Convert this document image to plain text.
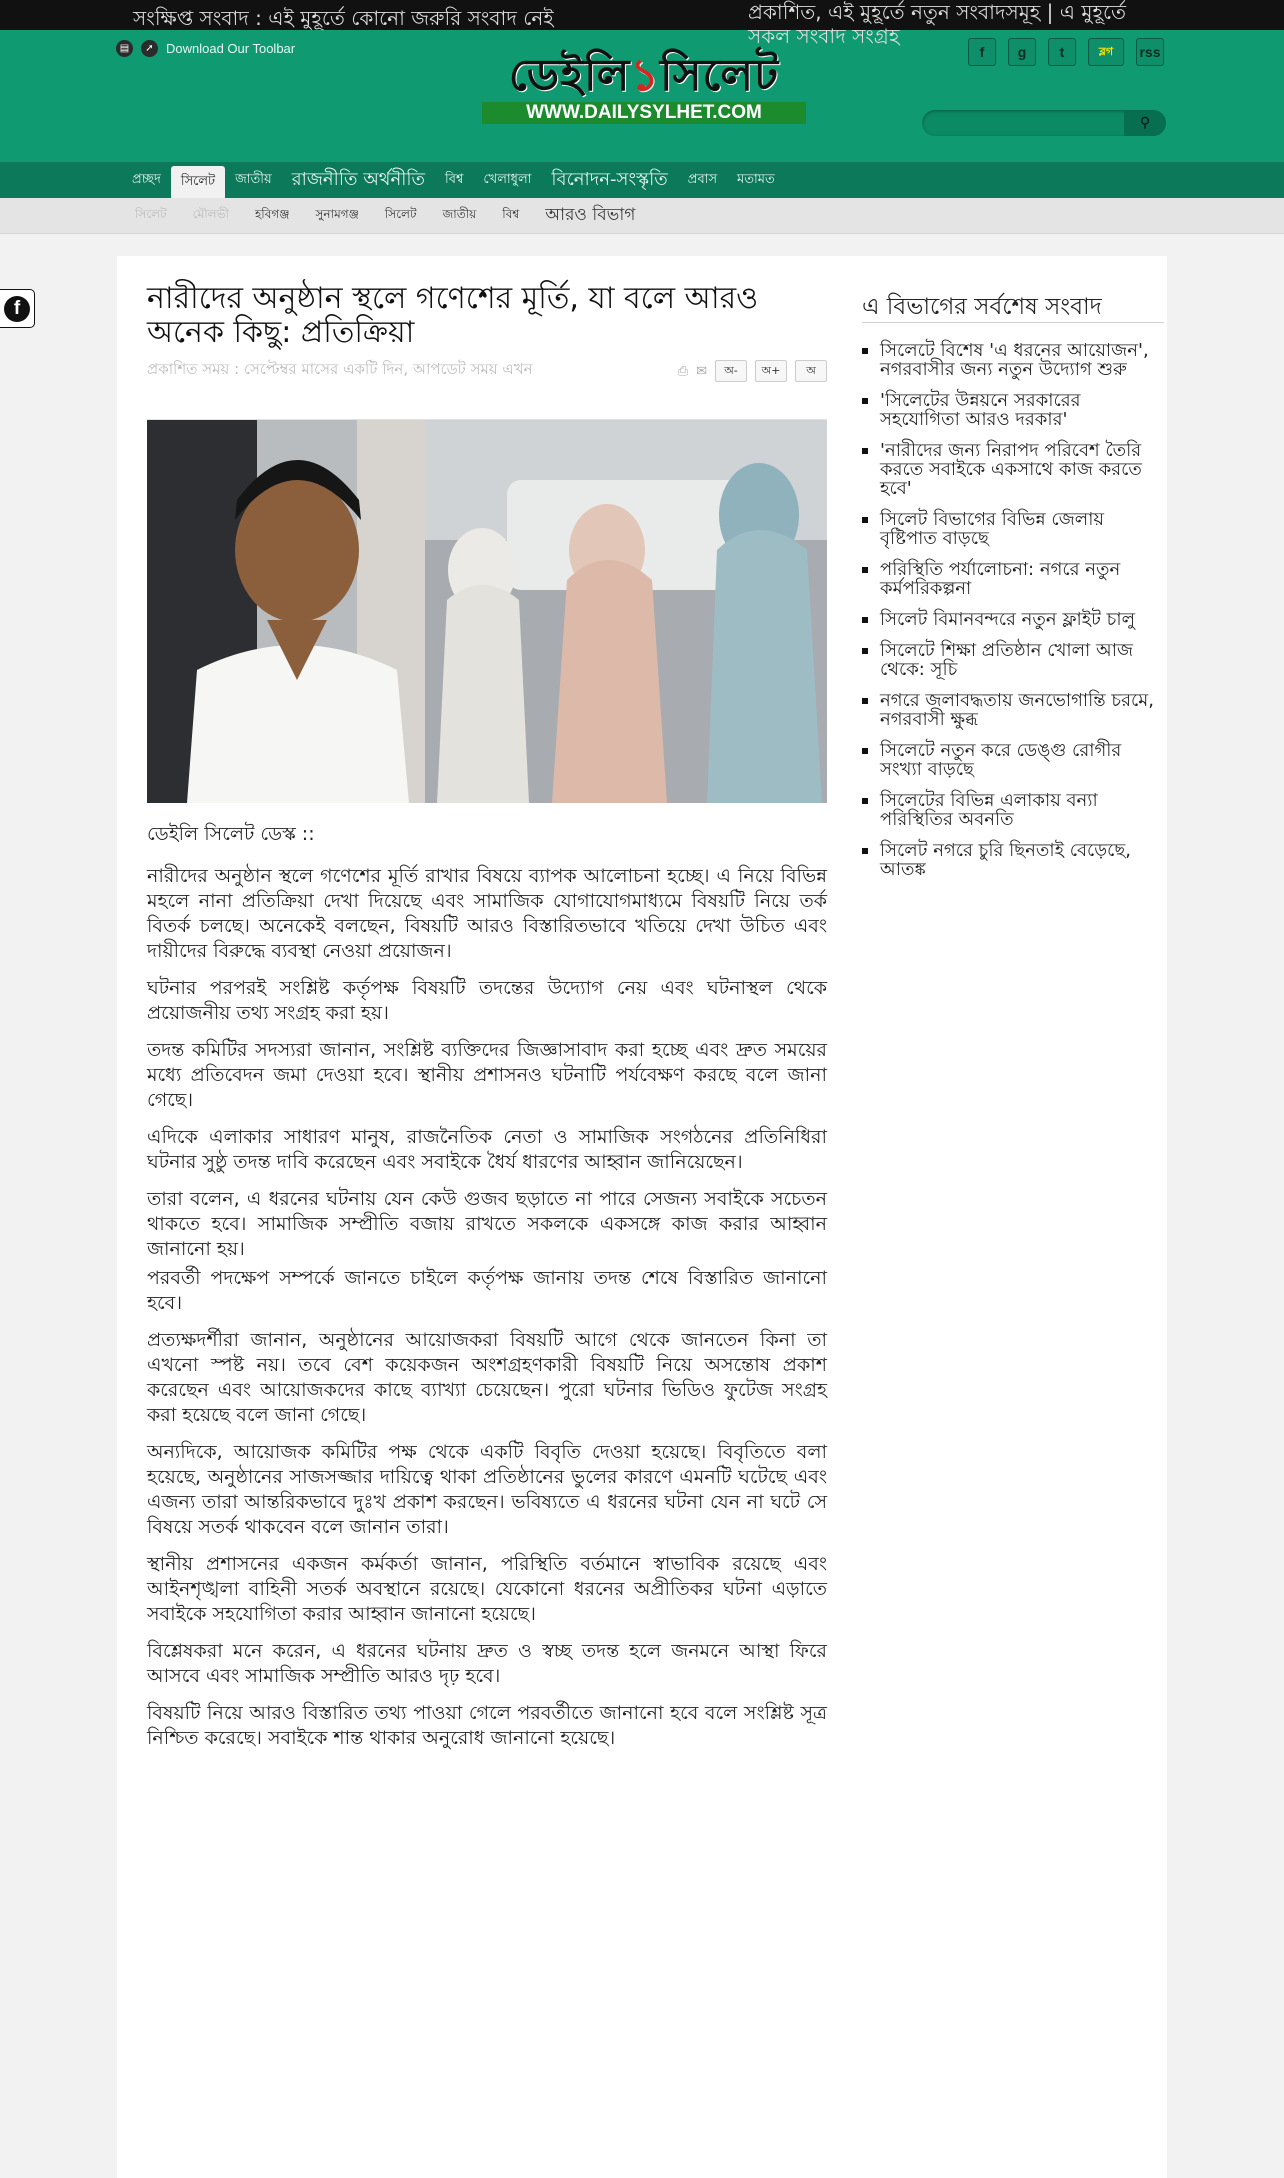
সংক্ষিপ্ত সংবাদ : এই মুহূর্তে কোনো জরুরি সংবাদ নেই	প্রকাশিত, এই মুহূর্তে নতুন সংবাদসমূহ | এ মুহূর্তে সকল সংবাদ সংগ্রহ
▤	➚ Download Our Toolbar
ডেইলি১সিলেট
WWW.DAILYSYLHET.COM
f	g	t	ব্লগ	rss
⚲
প্রচ্ছদ	সিলেট	জাতীয়	রাজনীতি অর্থনীতি	বিশ্ব	খেলাধুলা	বিনোদন-সংস্কৃতি	প্রবাস	মতামত
সিলেট	মৌলভী	হবিগঞ্জ	সুনামগঞ্জ	সিলেট	জাতীয়	বিশ্ব	আরও বিভাগ
f	নারীদের অনুষ্ঠান স্থলে গণেশের মূর্তি, যা বলে আরও অনেক কিছু: প্রতিক্রিয়া
প্রকাশিত সময় : সেপ্টেম্বর মাসের একটি দিন, আপডেট সময় এখন	⎙ ✉	অ-	অ+	অ
ডেইলি সিলেট ডেস্ক ::

নারীদের অনুষ্ঠান স্থলে গণেশের মূর্তি রাখার বিষয়ে ব্যাপক আলোচনা হচ্ছে। এ নিয়ে বিভিন্ন মহলে নানা প্রতিক্রিয়া দেখা দিয়েছে এবং সামাজিক যোগাযোগমাধ্যমে বিষয়টি নিয়ে তর্ক বিতর্ক চলছে। অনেকেই বলছেন, বিষয়টি আরও বিস্তারিতভাবে খতিয়ে দেখা উচিত এবং দায়ীদের বিরুদ্ধে ব্যবস্থা নেওয়া প্রয়োজন।

ঘটনার পরপরই সংশ্লিষ্ট কর্তৃপক্ষ বিষয়টি তদন্তের উদ্যোগ নেয় এবং ঘটনাস্থল থেকে প্রয়োজনীয় তথ্য সংগ্রহ করা হয়।

তদন্ত কমিটির সদস্যরা জানান, সংশ্লিষ্ট ব্যক্তিদের জিজ্ঞাসাবাদ করা হচ্ছে এবং দ্রুত সময়ের মধ্যে প্রতিবেদন জমা দেওয়া হবে। স্থানীয় প্রশাসনও ঘটনাটি পর্যবেক্ষণ করছে বলে জানা গেছে।

এদিকে এলাকার সাধারণ মানুষ, রাজনৈতিক নেতা ও সামাজিক সংগঠনের প্রতিনিধিরা ঘটনার সুষ্ঠু তদন্ত দাবি করেছেন এবং সবাইকে ধৈর্য ধারণের আহ্বান জানিয়েছেন।

তারা বলেন, এ ধরনের ঘটনায় যেন কেউ গুজব ছড়াতে না পারে সেজন্য সবাইকে সচেতন থাকতে হবে। সামাজিক সম্প্রীতি বজায় রাখতে সকলকে একসঙ্গে কাজ করার আহ্বান জানানো হয়।

পরবর্তী পদক্ষেপ সম্পর্কে জানতে চাইলে কর্তৃপক্ষ জানায় তদন্ত শেষে বিস্তারিত জানানো হবে।

প্রত্যক্ষদর্শীরা জানান, অনুষ্ঠানের আয়োজকরা বিষয়টি আগে থেকে জানতেন কিনা তা এখনো স্পষ্ট নয়। তবে বেশ কয়েকজন অংশগ্রহণকারী বিষয়টি নিয়ে অসন্তোষ প্রকাশ করেছেন এবং আয়োজকদের কাছে ব্যাখ্যা চেয়েছেন। পুরো ঘটনার ভিডিও ফুটেজ সংগ্রহ করা হয়েছে বলে জানা গেছে।

অন্যদিকে, আয়োজক কমিটির পক্ষ থেকে একটি বিবৃতি দেওয়া হয়েছে। বিবৃতিতে বলা হয়েছে, অনুষ্ঠানের সাজসজ্জার দায়িত্বে থাকা প্রতিষ্ঠানের ভুলের কারণে এমনটি ঘটেছে এবং এজন্য তারা আন্তরিকভাবে দুঃখ প্রকাশ করছেন। ভবিষ্যতে এ ধরনের ঘটনা যেন না ঘটে সে বিষয়ে সতর্ক থাকবেন বলে জানান তারা।

স্থানীয় প্রশাসনের একজন কর্মকর্তা জানান, পরিস্থিতি বর্তমানে স্বাভাবিক রয়েছে এবং আইনশৃঙ্খলা বাহিনী সতর্ক অবস্থানে রয়েছে। যেকোনো ধরনের অপ্রীতিকর ঘটনা এড়াতে সবাইকে সহযোগিতা করার আহ্বান জানানো হয়েছে।

বিশ্লেষকরা মনে করেন, এ ধরনের ঘটনায় দ্রুত ও স্বচ্ছ তদন্ত হলে জনমনে আস্থা ফিরে আসবে এবং সামাজিক সম্প্রীতি আরও দৃঢ় হবে।

বিষয়টি নিয়ে আরও বিস্তারিত তথ্য পাওয়া গেলে পরবর্তীতে জানানো হবে বলে সংশ্লিষ্ট সূত্র নিশ্চিত করেছে। সবাইকে শান্ত থাকার অনুরোধ জানানো হয়েছে।

এ বিভাগের সর্বশেষ সংবাদ
সিলেটে বিশেষ 'এ ধরনের আয়োজন', নগরবাসীর জন্য নতুন উদ্যোগ শুরু
'সিলেটের উন্নয়নে সরকারের সহযোগিতা আরও দরকার'
'নারীদের জন্য নিরাপদ পরিবেশ তৈরি করতে সবাইকে একসাথে কাজ করতে হবে'
সিলেট বিভাগের বিভিন্ন জেলায় বৃষ্টিপাত বাড়ছে
পরিস্থিতি পর্যালোচনা: নগরে নতুন কর্মপরিকল্পনা
সিলেট বিমানবন্দরে নতুন ফ্লাইট চালু
সিলেটে শিক্ষা প্রতিষ্ঠান খোলা আজ থেকে: সূচি
নগরে জলাবদ্ধতায় জনভোগান্তি চরমে, নগরবাসী ক্ষুব্ধ
সিলেটে নতুন করে ডেঙ্গু রোগীর সংখ্যা বাড়ছে
সিলেটের বিভিন্ন এলাকায় বন্যা পরিস্থিতির অবনতি
সিলেট নগরে চুরি ছিনতাই বেড়েছে, আতঙ্ক
